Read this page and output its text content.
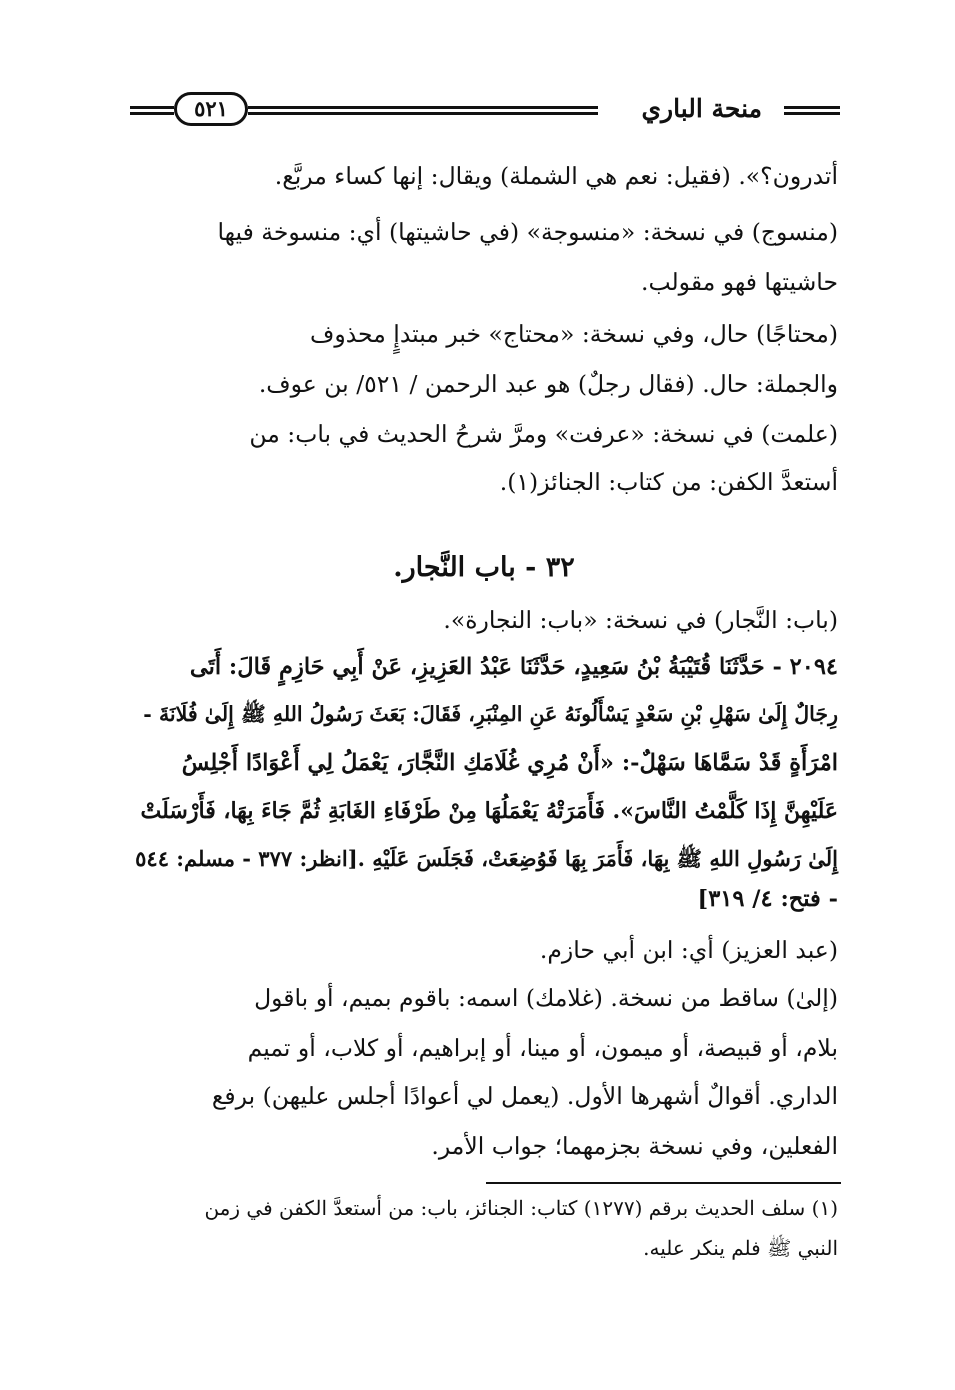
٥٢١	منحة الباري
أتدرون؟». (فقيل: نعم هي الشملة) ويقال: إنها كساء مربَّع.
(منسوج) في نسخة: «منسوجة» (في حاشيتها) أي: منسوخة فيها
حاشيتها فهو مقولب.
(محتاجًا) حال، وفي نسخة: «محتاج» خبر مبتدإٍ محذوف
والجملة: حال. (فقال رجلٌ) هو عبد الرحمن / ٥٢١/ بن عوف.
(علمت) في نسخة: «عرفت» ومرَّ شرحُ الحديث في باب: من
أستعدَّ الكفن: من كتاب: الجنائز(١).
٣٢ - باب النَّجار.
(باب: النَّجار) في نسخة: «باب: النجارة».
٢٠٩٤ - حَدَّثَنَا قُتَيْبَةُ بْنُ سَعِيدٍ، حَدَّثَنَا عَبْدُ العَزِيزِ، عَنْ أَبِي حَازِمٍ قَالَ: أَتَى
رِجَالٌ إِلَىٰ سَهْلِ بْنِ سَعْدٍ يَسْأَلُونَهُ عَنِ المِنْبَرِ، فَقَالَ: بَعَثَ رَسُولُ اللهِ ﷺ إِلَىٰ فُلَانَةَ -
امْرَأَةٍ قَدْ سَمَّاهَا سَهْلٌ-: «أَنْ مُرِي غُلَامَكِ النَّجَّارَ، يَعْمَلُ لِي أَعْوَادًا أَجْلِسُ
عَلَيْهِنَّ إِذَا كَلَّمْتُ النَّاسَ». فَأَمَرَتْهُ يَعْمَلُهَا مِنْ طَرْفَاءِ الغَابَةِ ثُمَّ جَاءَ بِهَا، فَأَرْسَلَتْ
إِلَىٰ رَسُولِ اللهِ ﷺ بِهَا، فَأَمَرَ بِهَا فَوُضِعَتْ، فَجَلَسَ عَلَيْهِ .[انظر: ٣٧٧ - مسلم: ٥٤٤
- فتح: ٤/ ٣١٩]
(عبد العزيز) أي: ابن أبي حازم.
(إلىٰ) ساقط من نسخة. (غلامك) اسمه: باقوم بميم، أو باقول
بلام، أو قبيصة، أو ميمون، أو مينا، أو إبراهيم، أو كلاب، أو تميم
الداري. أقوالٌ أشهرها الأول. (يعمل لي أعوادًا أجلس عليهن) برفع
الفعلين، وفي نسخة بجزمهما؛ جواب الأمر.
(١) سلف الحديث برقم (١٢٧٧) كتاب: الجنائز، باب: من أستعدَّ الكفن في زمن
النبي ﷺ فلم ينكر عليه.
